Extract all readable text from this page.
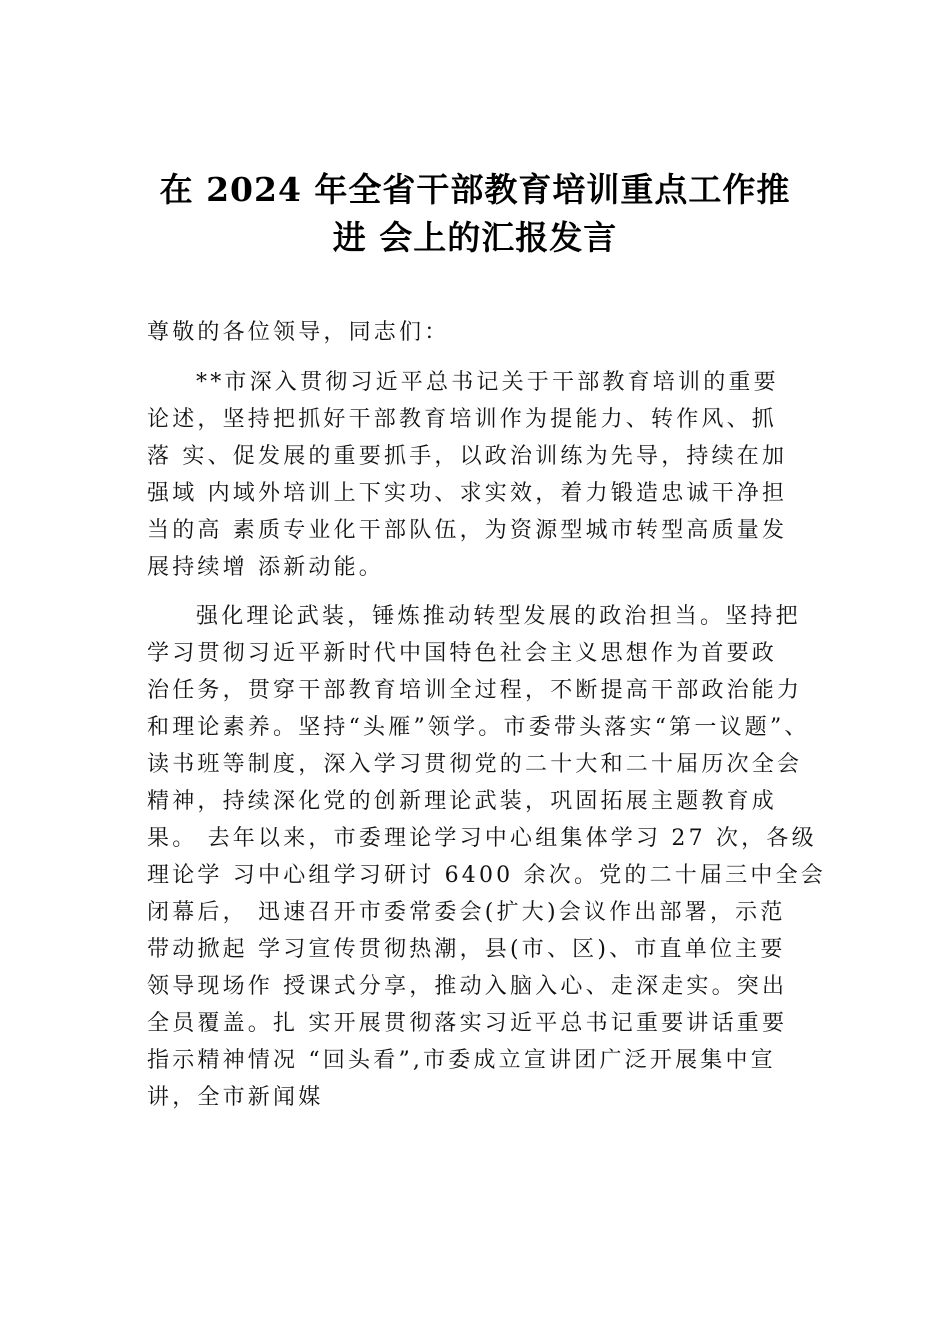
在 2024 年全省干部教育培训重点工作推
进 会上的汇报发言
尊敬的各位领导，同志们：
**市深入贯彻习近平总书记关于干部教育培训的重要
论述，坚持把抓好干部教育培训作为提能力、转作风、抓
落 实、促发展的重要抓手，以政治训练为先导，持续在加
强域 内域外培训上下实功、求实效，着力锻造忠诚干净担
当的高 素质专业化干部队伍，为资源型城市转型高质量发
展持续增 添新动能。
强化理论武装，锤炼推动转型发展的政治担当。坚持把
学习贯彻习近平新时代中国特色社会主义思想作为首要政
治任务，贯穿干部教育培训全过程，不断提高干部政治能力
和理论素养。坚持“头雁”领学。市委带头落实“第一议题”、
读书班等制度，深入学习贯彻党的二十大和二十届历次全会
精神，持续深化党的创新理论武装，巩固拓展主题教育成
果。 去年以来，市委理论学习中心组集体学习 27 次，各级
理论学 习中心组学习研讨 6400 余次。党的二十届三中全会
闭幕后， 迅速召开市委常委会(扩大)会议作出部署，示范
带动掀起 学习宣传贯彻热潮，县(市、区)、市直单位主要
领导现场作 授课式分享，推动入脑入心、走深走实。突出
全员覆盖。扎 实开展贯彻落实习近平总书记重要讲话重要
指示精神情况 “回头看”,市委成立宣讲团广泛开展集中宣
讲，全市新闻媒
